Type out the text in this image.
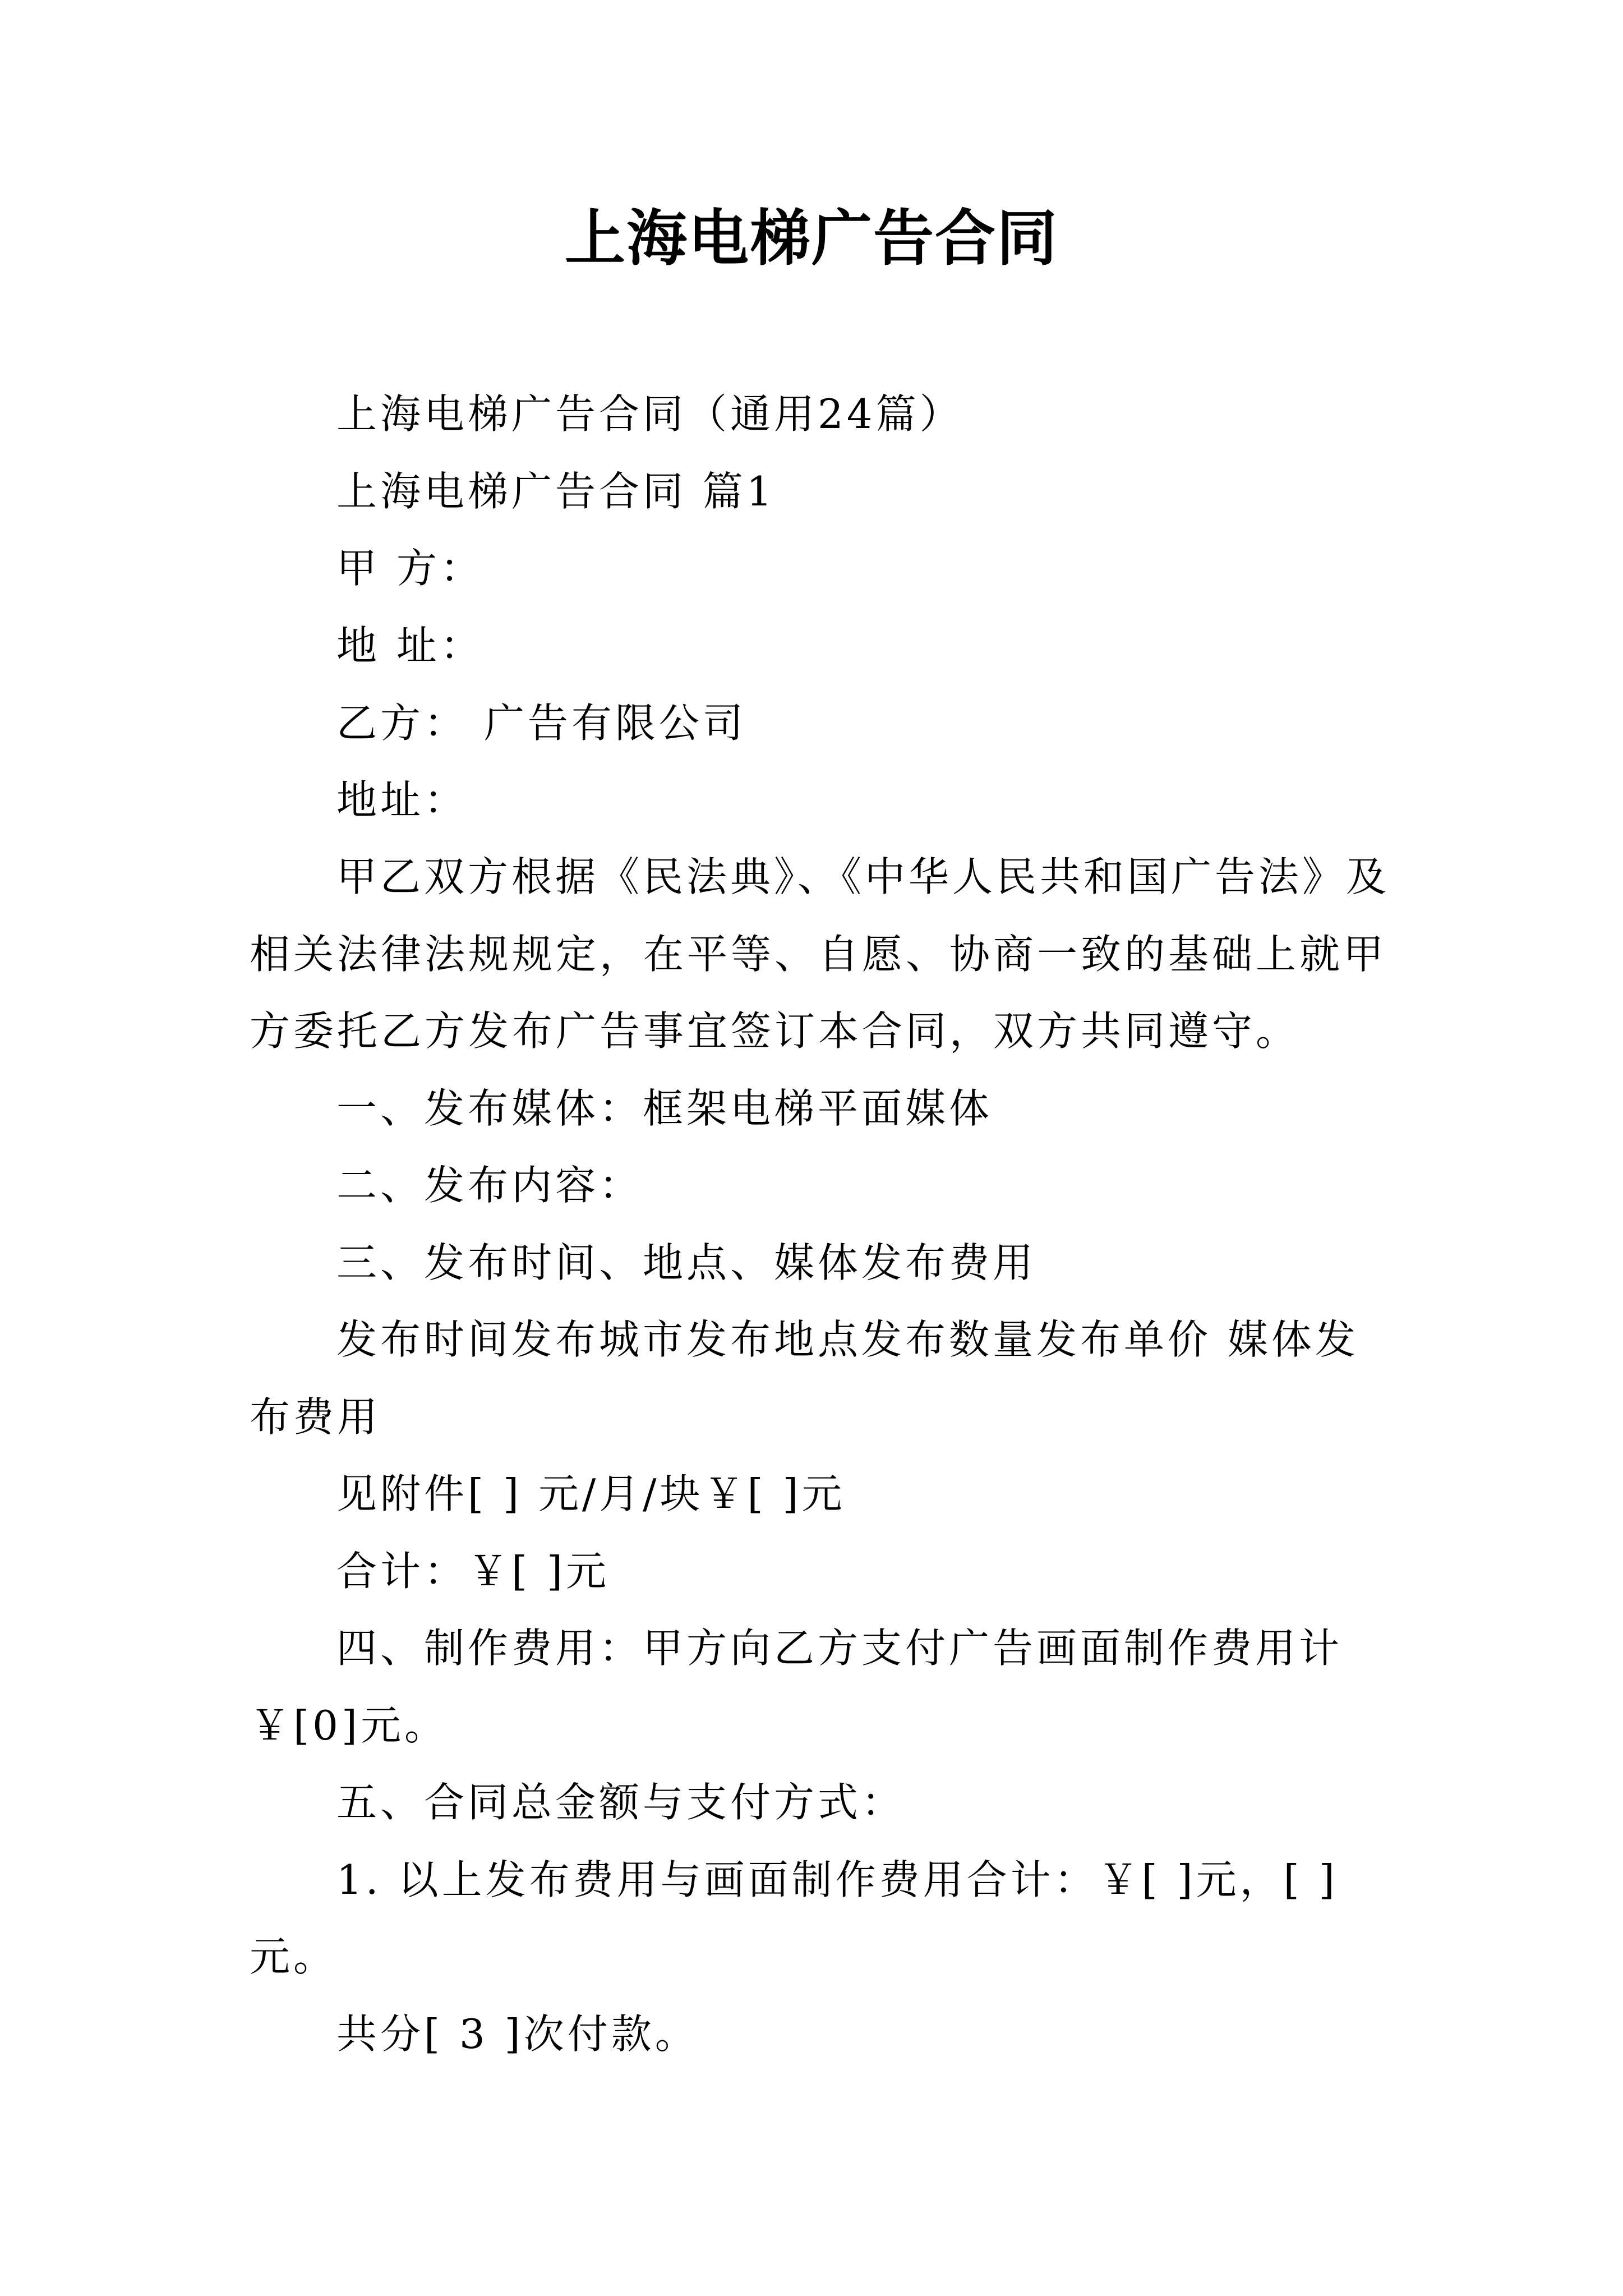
上海电梯广告合同

上海电梯广告合同（通用24篇）

上海电梯广告合同 篇1

甲 方：

地 址：

乙方： 广告有限公司

地址：

甲乙双方根据《民法典》、《中华人民共和国广告法》及

相关法律法规规定，在平等、自愿、协商一致的基础上就甲

方委托乙方发布广告事宜签订本合同，双方共同遵守。

一、发布媒体：框架电梯平面媒体

二、发布内容：

三、发布时间、地点、媒体发布费用

发布时间发布城市发布地点发布数量发布单价 媒体发

布费用

见附件[ ] 元/月/块￥[ ]元

合计：￥[ ]元

四、制作费用：甲方向乙方支付广告画面制作费用计

￥[0]元。

五、合同总金额与支付方式：

1. 以上发布费用与画面制作费用合计：￥[ ]元，[ ]

元。

共分[ 3 ]次付款。
